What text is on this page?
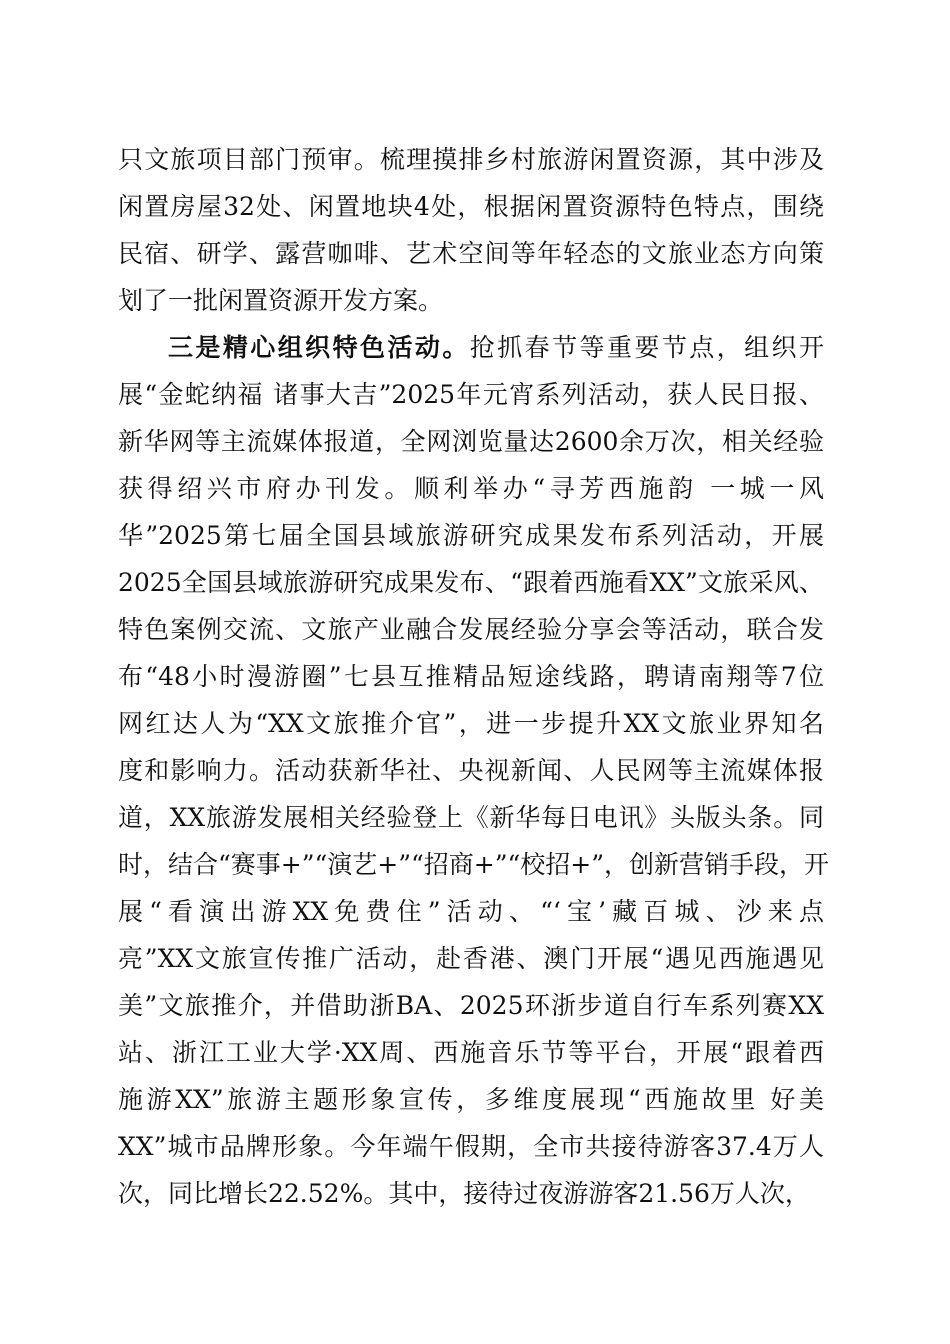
只文旅项目部门预审。梳理摸排乡村旅游闲置资源，其中涉及
闲置房屋32处、闲置地块4处，根据闲置资源特色特点，围绕
民宿、研学、露营咖啡、艺术空间等年轻态的文旅业态方向策
划了一批闲置资源开发方案。
三是精心组织特色活动。抢抓春节等重要节点，组织开
展“金蛇纳福 诸事大吉”2025年元宵系列活动，获人民日报、
新华网等主流媒体报道，全网浏览量达2600余万次，相关经验
获得绍兴市府办刊发。顺利举办“寻芳西施韵 一城一风
华”2025第七届全国县域旅游研究成果发布系列活动，开展
2025全国县域旅游研究成果发布、“跟着西施看XX”文旅采风、
特色案例交流、文旅产业融合发展经验分享会等活动，联合发
布“48小时漫游圈”七县互推精品短途线路，聘请南翔等7位
网红达人为“XX文旅推介官”，进一步提升XX文旅业界知名
度和影响力。活动获新华社、央视新闻、人民网等主流媒体报
道，XX旅游发展相关经验登上《新华每日电讯》头版头条。同
时，结合“赛事+”“演艺+”“招商+”“校招+”，创新营销手段，开
展“看演出游XX免费住”活动、“‘宝’藏百城、沙来点
亮”XX文旅宣传推广活动，赴香港、澳门开展“遇见西施遇见
美”文旅推介，并借助浙BA、2025环浙步道自行车系列赛XX
站、浙江工业大学·XX周、西施音乐节等平台，开展“跟着西
施游XX”旅游主题形象宣传，多维度展现“西施故里 好美
XX”城市品牌形象。今年端午假期，全市共接待游客37.4万人
次，同比增长22.52%。其中，接待过夜游游客21.56万人次，
